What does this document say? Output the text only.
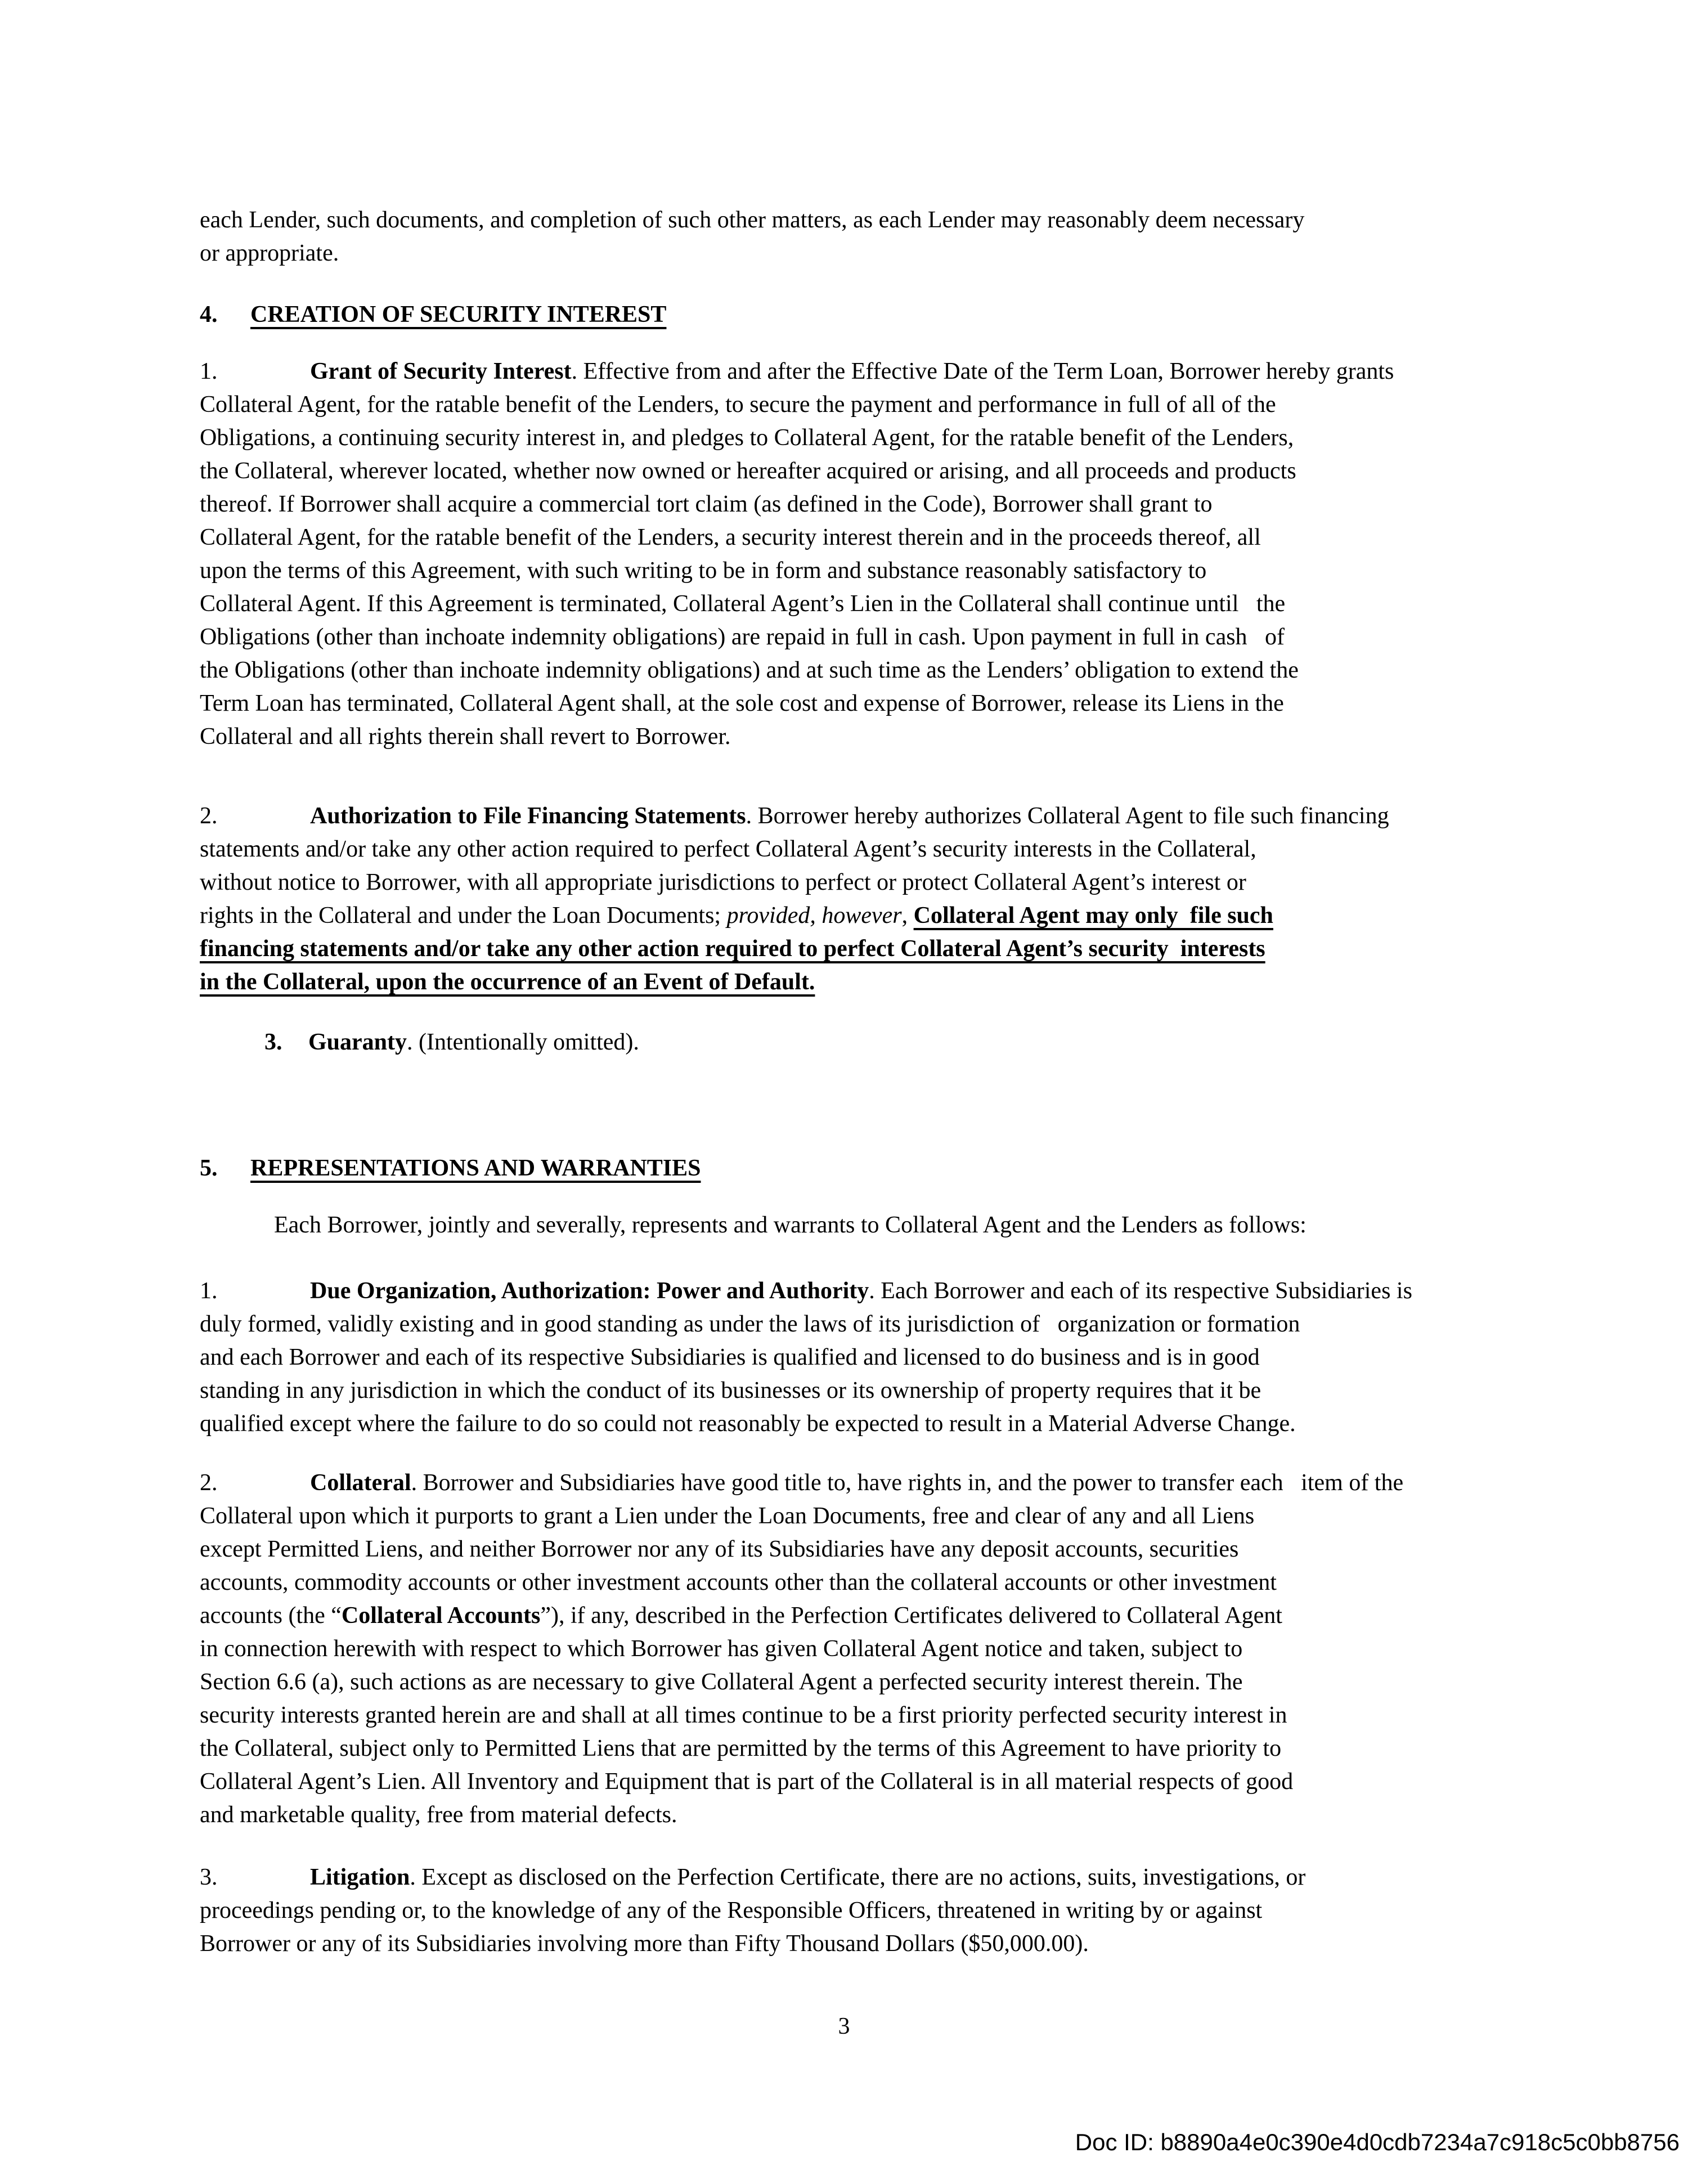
each Lender, such documents, and completion of such other matters, as each Lender may reasonably deem necessary
or appropriate.
4. CREATION OF SECURITY INTEREST
1.	Grant of Security Interest. Effective from and after the Effective Date of the Term Loan, Borrower hereby grants
Collateral Agent, for the ratable benefit of the Lenders, to secure the payment and performance in full of all of the
Obligations, a continuing security interest in, and pledges to Collateral Agent, for the ratable benefit of the Lenders,
the Collateral, wherever located, whether now owned or hereafter acquired or arising, and all proceeds and products
thereof. If Borrower shall acquire a commercial tort claim (as defined in the Code), Borrower shall grant to
Collateral Agent, for the ratable benefit of the Lenders, a security interest therein and in the proceeds thereof, all
upon the terms of this Agreement, with such writing to be in form and substance reasonably satisfactory to
Collateral Agent. If this Agreement is terminated, Collateral Agent’s Lien in the Collateral shall continue until   the
Obligations (other than inchoate indemnity obligations) are repaid in full in cash. Upon payment in full in cash   of
the Obligations (other than inchoate indemnity obligations) and at such time as the Lenders’ obligation to extend the
Term Loan has terminated, Collateral Agent shall, at the sole cost and expense of Borrower, release its Liens in the
Collateral and all rights therein shall revert to Borrower.
2.	Authorization to File Financing Statements. Borrower hereby authorizes Collateral Agent to file such financing
statements and/or take any other action required to perfect Collateral Agent’s security interests in the Collateral,
without notice to Borrower, with all appropriate jurisdictions to perfect or protect Collateral Agent’s interest or
rights in the Collateral and under the Loan Documents; provided, however, Collateral Agent may only  file such
financing statements and/or take any other action required to perfect Collateral Agent’s security  interests
in the Collateral, upon the occurrence of an Event of Default.
3. Guaranty. (Intentionally omitted).
5. REPRESENTATIONS AND WARRANTIES
Each Borrower, jointly and severally, represents and warrants to Collateral Agent and the Lenders as follows:
1.	Due Organization, Authorization: Power and Authority. Each Borrower and each of its respective Subsidiaries is
duly formed, validly existing and in good standing as under the laws of its jurisdiction of   organization or formation
and each Borrower and each of its respective Subsidiaries is qualified and licensed to do business and is in good
standing in any jurisdiction in which the conduct of its businesses or its ownership of property requires that it be
qualified except where the failure to do so could not reasonably be expected to result in a Material Adverse Change.
2.	Collateral. Borrower and Subsidiaries have good title to, have rights in, and the power to transfer each   item of the
Collateral upon which it purports to grant a Lien under the Loan Documents, free and clear of any and all Liens
except Permitted Liens, and neither Borrower nor any of its Subsidiaries have any deposit accounts, securities
accounts, commodity accounts or other investment accounts other than the collateral accounts or other investment
accounts (the “Collateral Accounts”), if any, described in the Perfection Certificates delivered to Collateral Agent
in connection herewith with respect to which Borrower has given Collateral Agent notice and taken, subject to
Section 6.6 (a), such actions as are necessary to give Collateral Agent a perfected security interest therein. The
security interests granted herein are and shall at all times continue to be a first priority perfected security interest in
the Collateral, subject only to Permitted Liens that are permitted by the terms of this Agreement to have priority to
Collateral Agent’s Lien. All Inventory and Equipment that is part of the Collateral is in all material respects of good
and marketable quality, free from material defects.
3.	Litigation. Except as disclosed on the Perfection Certificate, there are no actions, suits, investigations, or
proceedings pending or, to the knowledge of any of the Responsible Officers, threatened in writing by or against
Borrower or any of its Subsidiaries involving more than Fifty Thousand Dollars ($50,000.00).
3
Doc ID: b8890a4e0c390e4d0cdb7234a7c918c5c0bb8756
